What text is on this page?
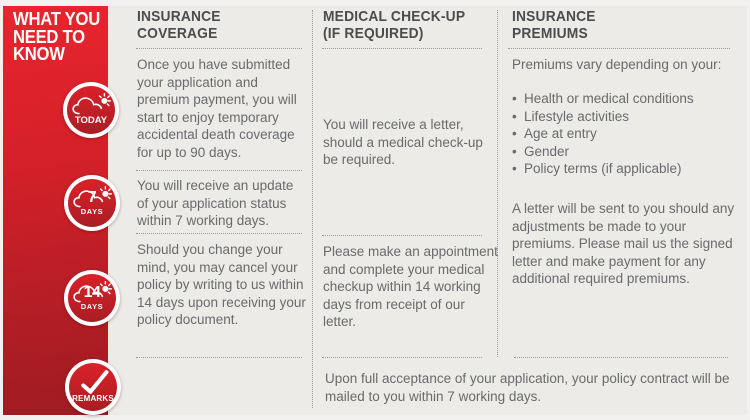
WHAT YOU
NEED TO
KNOW
TODAY
7
DAYS
14
DAYS
REMARKS
INSURANCE
COVERAGE

Once you have submitted your application and premium payment, you will start to enjoy temporary accidental death coverage for up to 90 days.

You will receive an update of your application status within 7 working days.

Should you change your mind, you may cancel your policy by writing to us within 14 days upon receiving your policy document.

MEDICAL CHECK-UP
(IF REQUIRED)

You will receive a letter, should a medical check-up be required.

Please make an appointment and complete your medical checkup within 14 working days from receipt of our letter.

INSURANCE
PREMIUMS

Premiums vary depending on your:

• Health or medical conditions
• Lifestyle activities
• Age at entry
• Gender
• Policy terms (if applicable)

A letter will be sent to you should any adjustments be made to your premiums. Please mail us the signed letter and make payment for any additional required premiums.

Upon full acceptance of your application, your policy contract will be mailed to you within 7 working days.
